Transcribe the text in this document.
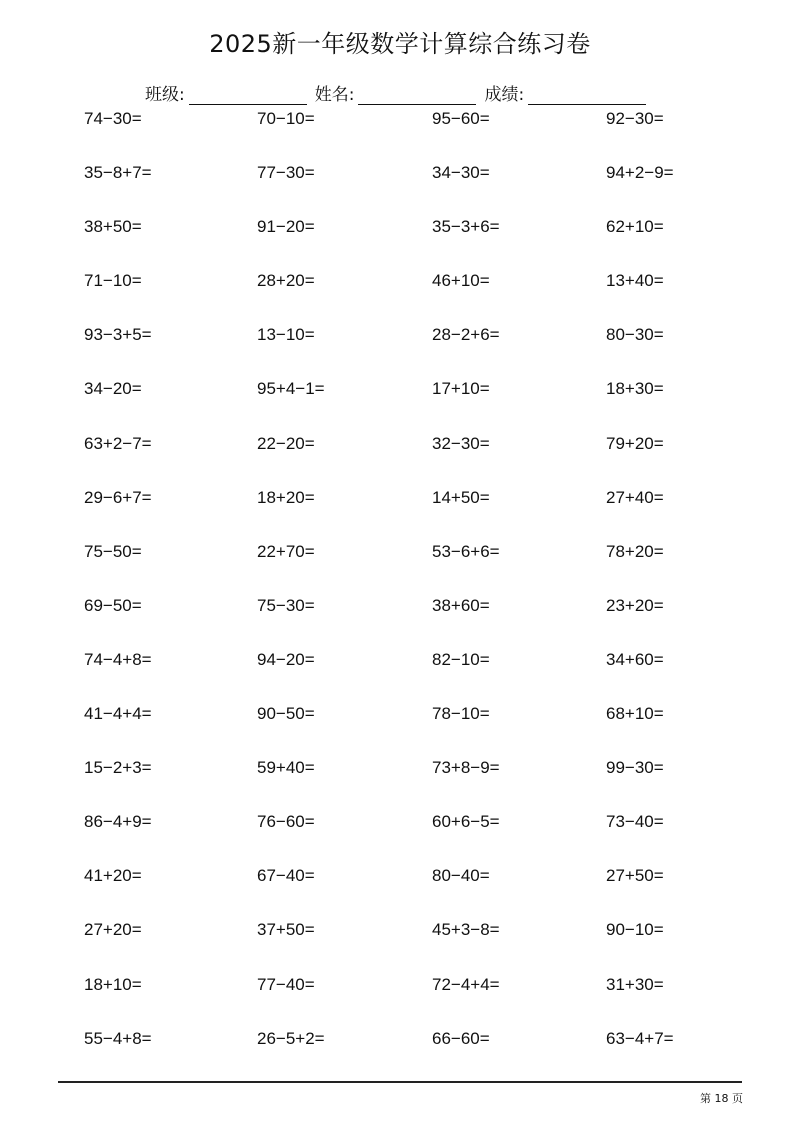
2025新一年级数学计算综合练习卷
班级:	姓名:	成绩:
74−30=	70−10=	95−60=	92−30=
35−8+7=	77−30=	34−30=	94+2−9=
38+50=	91−20=	35−3+6=	62+10=
71−10=	28+20=	46+10=	13+40=
93−3+5=	13−10=	28−2+6=	80−30=
34−20=	95+4−1=	17+10=	18+30=
63+2−7=	22−20=	32−30=	79+20=
29−6+7=	18+20=	14+50=	27+40=
75−50=	22+70=	53−6+6=	78+20=
69−50=	75−30=	38+60=	23+20=
74−4+8=	94−20=	82−10=	34+60=
41−4+4=	90−50=	78−10=	68+10=
15−2+3=	59+40=	73+8−9=	99−30=
86−4+9=	76−60=	60+6−5=	73−40=
41+20=	67−40=	80−40=	27+50=
27+20=	37+50=	45+3−8=	90−10=
18+10=	77−40=	72−4+4=	31+30=
55−4+8=	26−5+2=	66−60=	63−4+7=
第 18 页
